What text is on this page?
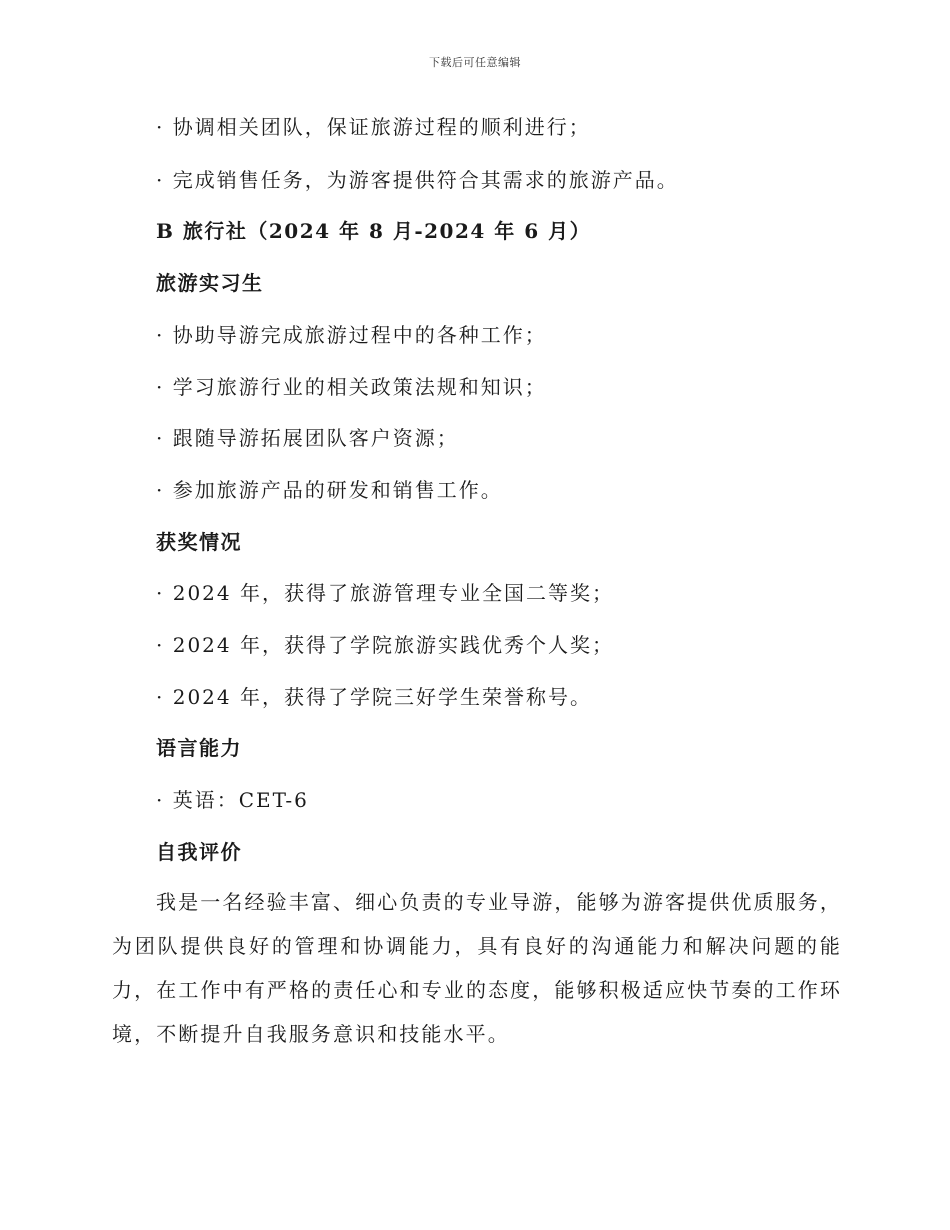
下载后可任意编辑
· 协调相关团队，保证旅游过程的顺利进行；
· 完成销售任务，为游客提供符合其需求的旅游产品。
B 旅行社（2024 年 8 月-2024 年 6 月）
旅游实习生
· 协助导游完成旅游过程中的各种工作；
· 学习旅游行业的相关政策法规和知识；
· 跟随导游拓展团队客户资源；
· 参加旅游产品的研发和销售工作。
获奖情况
· 2024 年，获得了旅游管理专业全国二等奖；
· 2024 年，获得了学院旅游实践优秀个人奖；
· 2024 年，获得了学院三好学生荣誉称号。
语言能力
· 英语：CET-6
自我评价
我是一名经验丰富、细心负责的专业导游，能够为游客提供优质服务，为团队提供良好的管理和协调能力，具有良好的沟通能力和解决问题的能力，在工作中有严格的责任心和专业的态度，能够积极适应快节奏的工作环境，不断提升自我服务意识和技能水平。
